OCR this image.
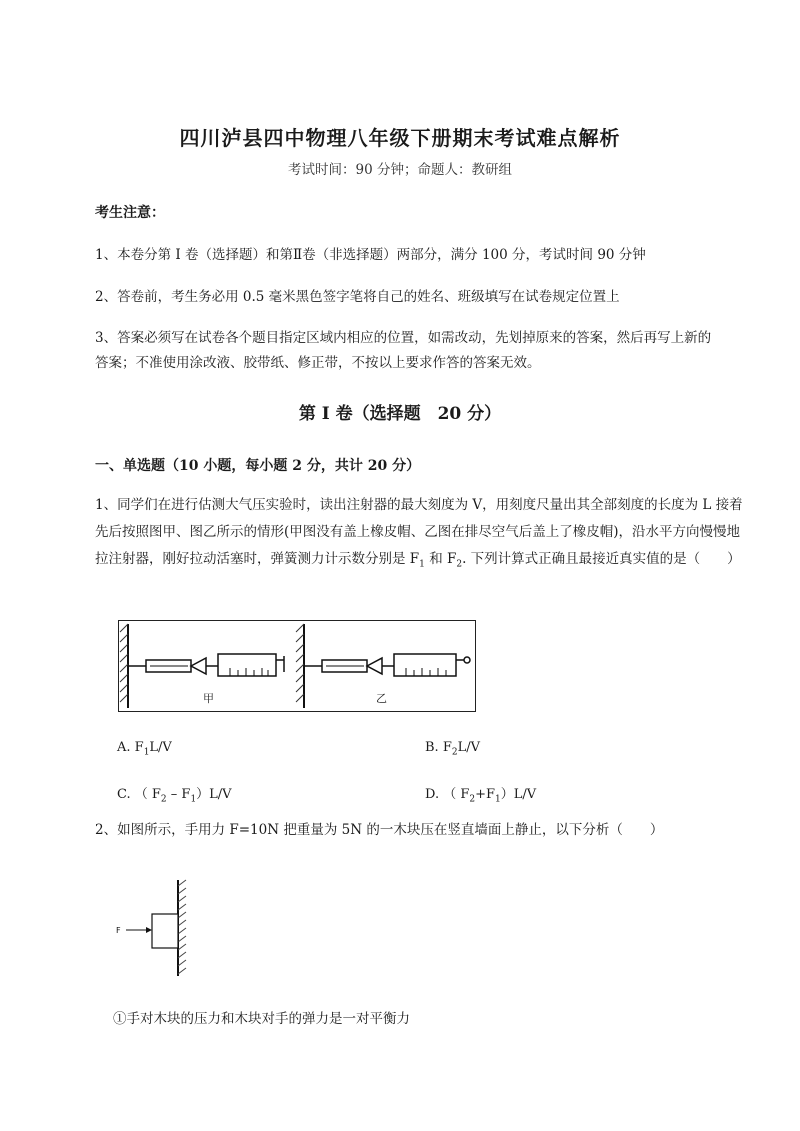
四川泸县四中物理八年级下册期末考试难点解析
考试时间：90 分钟；命题人：教研组
考生注意：
1、本卷分第 I 卷（选择题）和第Ⅱ卷（非选择题）两部分，满分 100 分，考试时间 90 分钟
2、答卷前，考生务必用 0.5 毫米黑色签字笔将自己的姓名、班级填写在试卷规定位置上
3、答案必须写在试卷各个题目指定区域内相应的位置，如需改动，先划掉原来的答案，然后再写上新的答案；不准使用涂改液、胶带纸、修正带，不按以上要求作答的答案无效。
第 I 卷（选择题　20 分）
一、单选题（10 小题，每小题 2 分，共计 20 分）
1、同学们在进行估测大气压实验时，读出注射器的最大刻度为 V，用刻度尺量出其全部刻度的长度为 L 接着先后按照图甲、图乙所示的情形(甲图没有盖上橡皮帽、乙图在排尽空气后盖上了橡皮帽)，沿水平方向慢慢地拉注射器，刚好拉动活塞时，弹簧测力计示数分别是 $F_1$ 和 $F_2$. 下列计算式正确且最接近真实值的是（　　）
甲	乙
A. $F_1L/V$	B. $F_2L/V$
C. （ $F_2 - F_1)L/V$	D. （ $F_2+F_1)L/V$
2、如图所示，手用力 F=10N 把重量为 5N 的一木块压在竖直墙面上静止，以下分析（　　）
F
①手对木块的压力和木块对手的弹力是一对平衡力
